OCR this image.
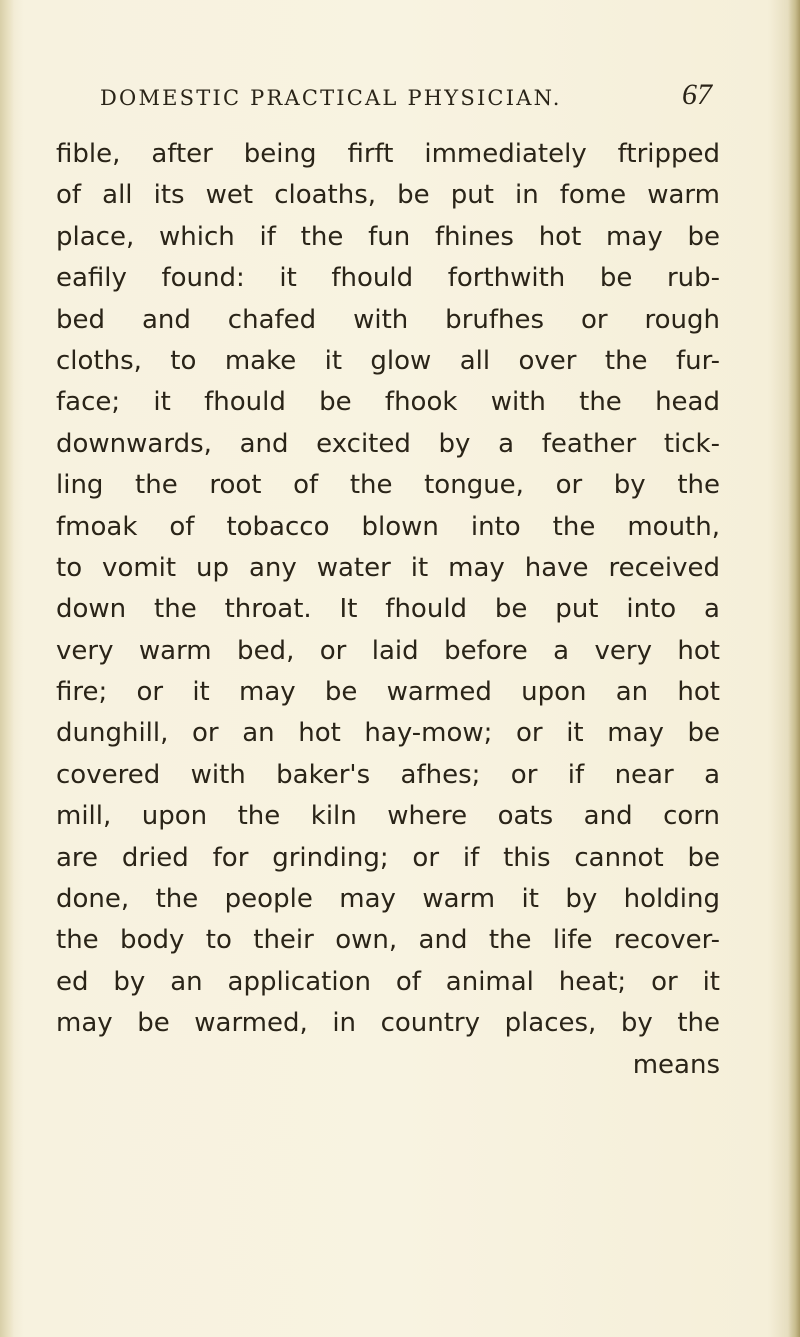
DOMESTIC PRACTICAL PHYSICIAN.	67
fible, after being firft immediately ftripped
of all its wet cloaths, be put in fome warm
place, which if the fun fhines hot may be
eafily found: it fhould forthwith be rub-
bed and chafed with brufhes or rough
cloths, to make it glow all over the fur-
face; it fhould be fhook with the head
downwards, and excited by a feather tick-
ling the root of the tongue, or by the
fmoak of tobacco blown into the mouth,
to vomit up any water it may have received
down the throat. It fhould be put into a
very warm bed, or laid before a very hot
fire; or it may be warmed upon an hot
dunghill, or an hot hay-mow; or it may be
covered with baker's afhes; or if near a
mill, upon the kiln where oats and corn
are dried for grinding; or if this cannot be
done, the people may warm it by holding
the body to their own, and the life recover-
ed by an application of animal heat; or it
may be warmed, in country places, by the
means
